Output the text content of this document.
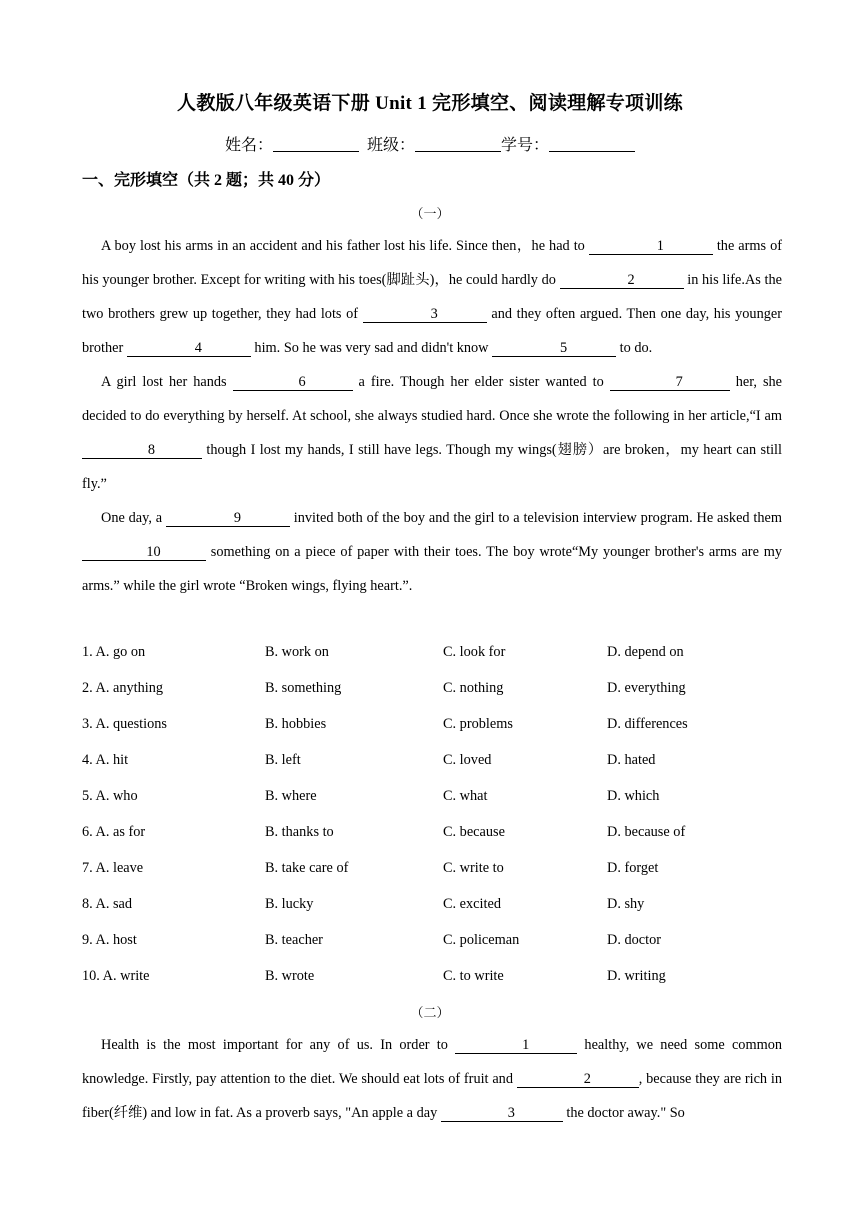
人教版八年级英语下册 Unit 1 完形填空、阅读理解专项训练
姓名：	班级：	学号：
一、完形填空（共 2 题；共 40 分）
（一）

A boy lost his arms in an accident and his father lost his life. Since then，he had to	1	the arms of his younger brother. Except for writing with his toes(脚趾头)，he could hardly do	2	in his life.As the two brothers grew up together, they had lots of	3	and they often argued. Then one day, his younger brother	4	him. So he was very sad and didn't know	5	to do.

A girl lost her hands	6	a fire. Though her elder sister wanted to	7	her, she decided to do everything by herself. At school, she always studied hard. Once she wrote the following in her article,“I am 8	though I lost my hands, I still have legs. Though my wings(翅膀）are broken，my heart can still fly.”

One day, a	9	invited both of the boy and the girl to a television interview program. He asked them 10	something on a piece of paper with their toes. The boy wrote“My younger brother's arms are my arms.” while the girl wrote “Broken wings, flying heart.”.

1. A. go on	B. work on	C. look for	D. depend on
2. A. anything	B. something	C. nothing	D. everything
3. A. questions	B. hobbies	C. problems	D. differences
4. A. hit	B. left	C. loved	D. hated
5. A. who	B. where	C. what	D. which
6. A. as for	B. thanks to	C. because	D. because of
7. A. leave	B. take care of	C. write to	D. forget
8. A. sad	B. lucky	C. excited	D. shy
9. A. host	B. teacher	C. policeman	D. doctor
10. A. write	B. wrote	C. to write	D. writing
（二）

Health is the most important for any of us. In order to	1	healthy, we need some common knowledge. Firstly, pay attention to the diet. We should eat lots of fruit and	2	, because they are rich in fiber(纤维) and low in fat. As a proverb says, "An apple a day	3	the doctor away." So
